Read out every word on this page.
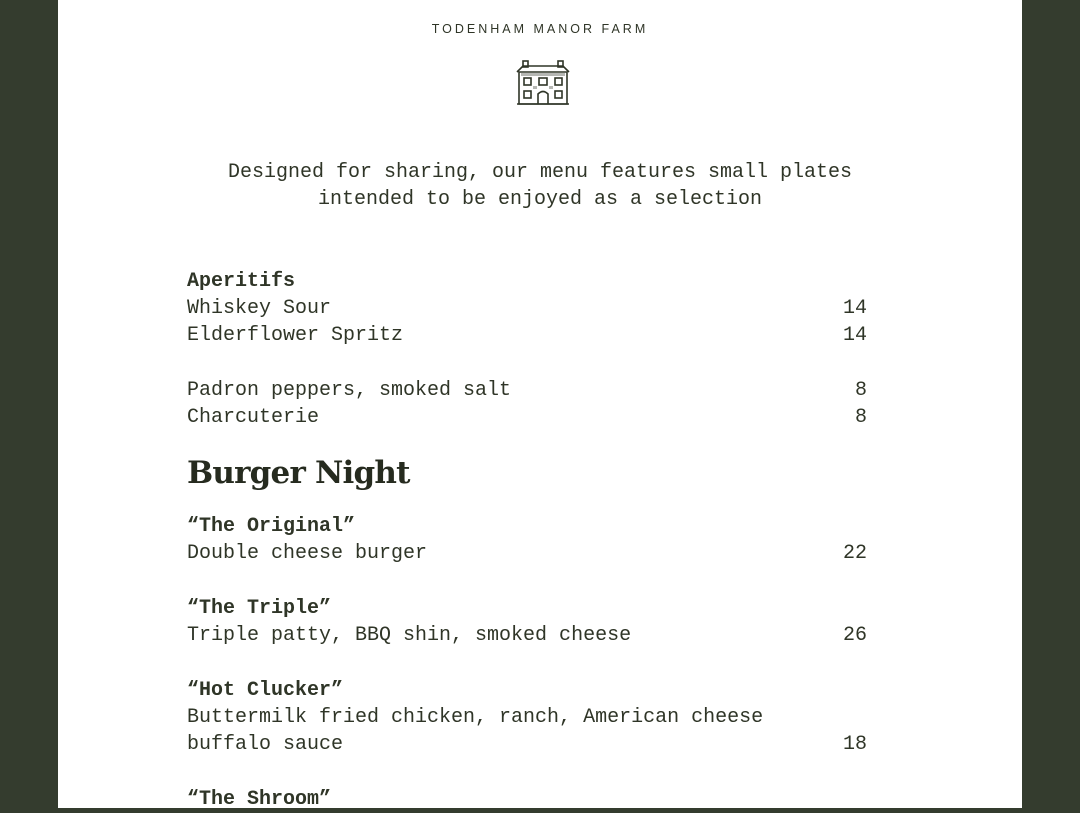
TODENHAM MANOR FARM
Designed for sharing, our menu features small plates
intended to be enjoyed as a selection
Aperitifs
Whiskey Sour	14
Elderflower Spritz	14
Padron peppers, smoked salt	8
Charcuterie	8
Burger Night
“The Original”
Double cheese burger	22
“The Triple”
Triple patty, BBQ shin, smoked cheese	26
“Hot Clucker”
Buttermilk fried chicken, ranch, American cheese
buffalo sauce	18
“The Shroom”
